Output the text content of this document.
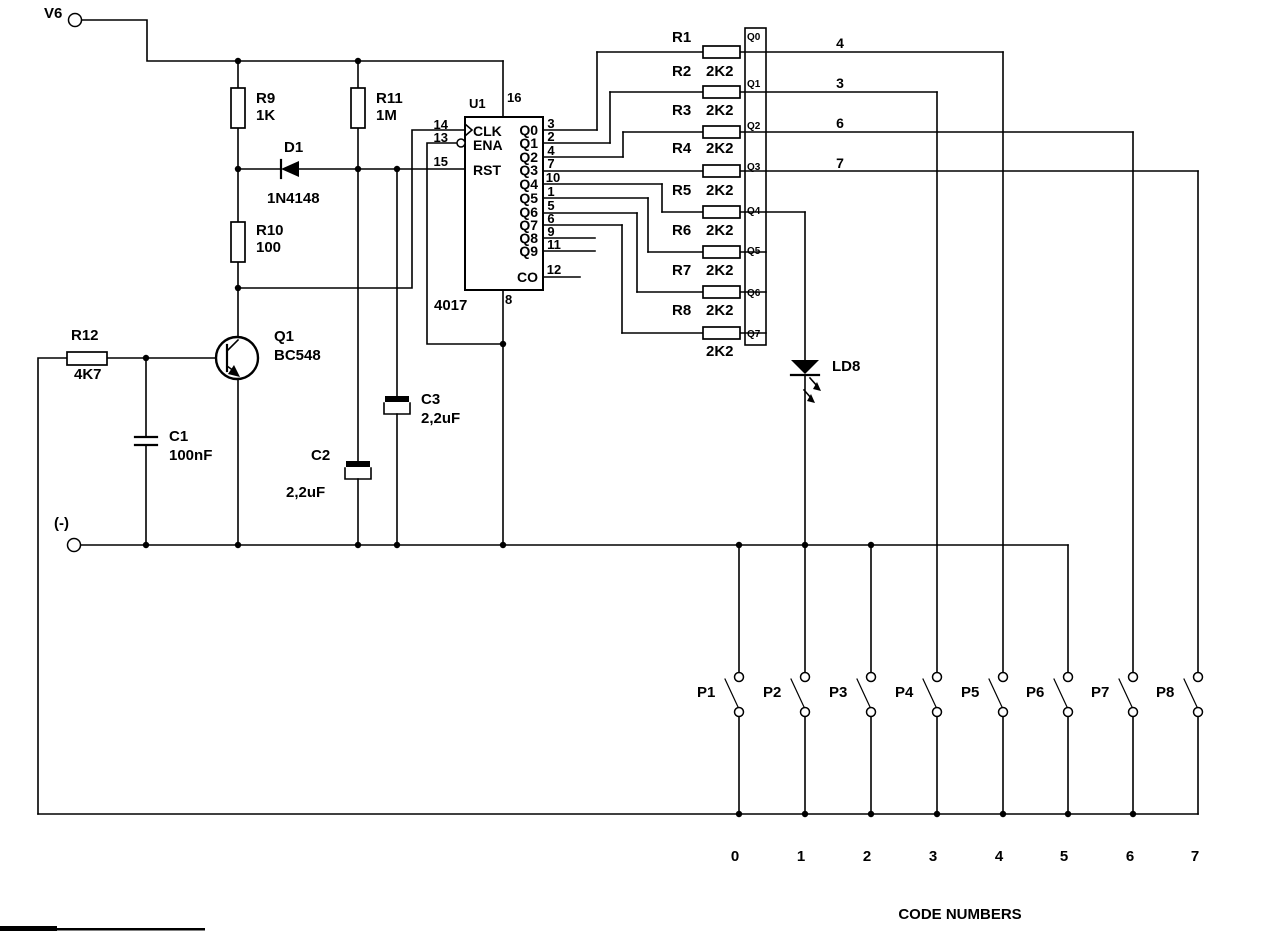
V6
(-)
R9
1K
R11
1M
R10
100
D1
1N4148
R12
4K7
C1
100nF	C2
2,2uF
C3
2,2uF
Q1
BC548
U1 16
8
4017
CLK
ENA
RST
14
13
15
Q0
Q1
Q2
Q3
Q4
Q5
Q6
Q7
Q8
Q9
CO
3
2
4
7
10
1
5
6
9
11
12
R1
R2
R3
R4
R5
R6
R7
R8
2K2
2K2
2K2
2K2
2K2
2K2
2K2
2K2
Q0
Q1
Q2
Q3
Q4
Q5
Q6
Q7
4
3
6
7
LD8
P1	P2	P3	P4	P5	P6	P7	P8
0	1	2	3	4	5	6	7
CODE NUMBERS
